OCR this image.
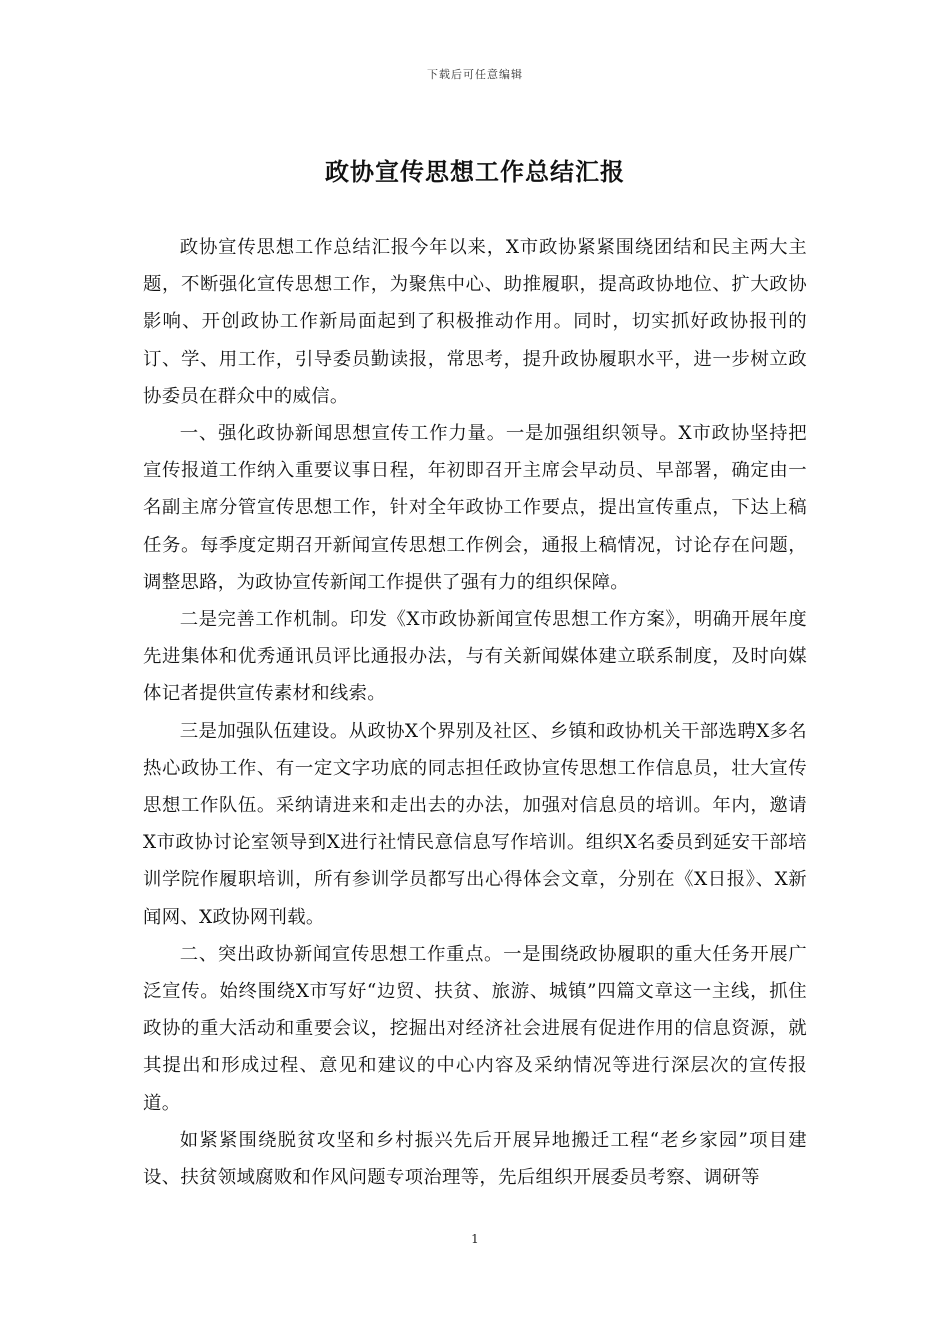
下载后可任意编辑
政协宣传思想工作总结汇报

政协宣传思想工作总结汇报今年以来，X市政协紧紧围绕团结和民主两大主题，不断强化宣传思想工作，为聚焦中心、助推履职，提高政协地位、扩大政协影响、开创政协工作新局面起到了积极推动作用。同时，切实抓好政协报刊的订、学、用工作，引导委员勤读报，常思考，提升政协履职水平，进一步树立政协委员在群众中的威信。

一、强化政协新闻思想宣传工作力量。一是加强组织领导。X市政协坚持把宣传报道工作纳入重要议事日程，年初即召开主席会早动员、早部署，确定由一名副主席分管宣传思想工作，针对全年政协工作要点，提出宣传重点，下达上稿任务。每季度定期召开新闻宣传思想工作例会，通报上稿情况，讨论存在问题，调整思路，为政协宣传新闻工作提供了强有力的组织保障。

二是完善工作机制。印发《X市政协新闻宣传思想工作方案》，明确开展年度先进集体和优秀通讯员评比通报办法，与有关新闻媒体建立联系制度，及时向媒体记者提供宣传素材和线索。

三是加强队伍建设。从政协X个界别及社区、乡镇和政协机关干部选聘X多名热心政协工作、有一定文字功底的同志担任政协宣传思想工作信息员，壮大宣传思想工作队伍。采纳请进来和走出去的办法，加强对信息员的培训。年内，邀请X市政协讨论室领导到X进行社情民意信息写作培训。组织X名委员到延安干部培训学院作履职培训，所有参训学员都写出心得体会文章，分别在《X日报》、X新闻网、X政协网刊载。

二、突出政协新闻宣传思想工作重点。一是围绕政协履职的重大任务开展广泛宣传。始终围绕X市写好“边贸、扶贫、旅游、城镇”四篇文章这一主线，抓住政协的重大活动和重要会议，挖掘出对经济社会进展有促进作用的信息资源，就其提出和形成过程、意见和建议的中心内容及采纳情况等进行深层次的宣传报道。

如紧紧围绕脱贫攻坚和乡村振兴先后开展异地搬迁工程“老乡家园”项目建设、扶贫领域腐败和作风问题专项治理等，先后组织开展委员考察、调研等

1
